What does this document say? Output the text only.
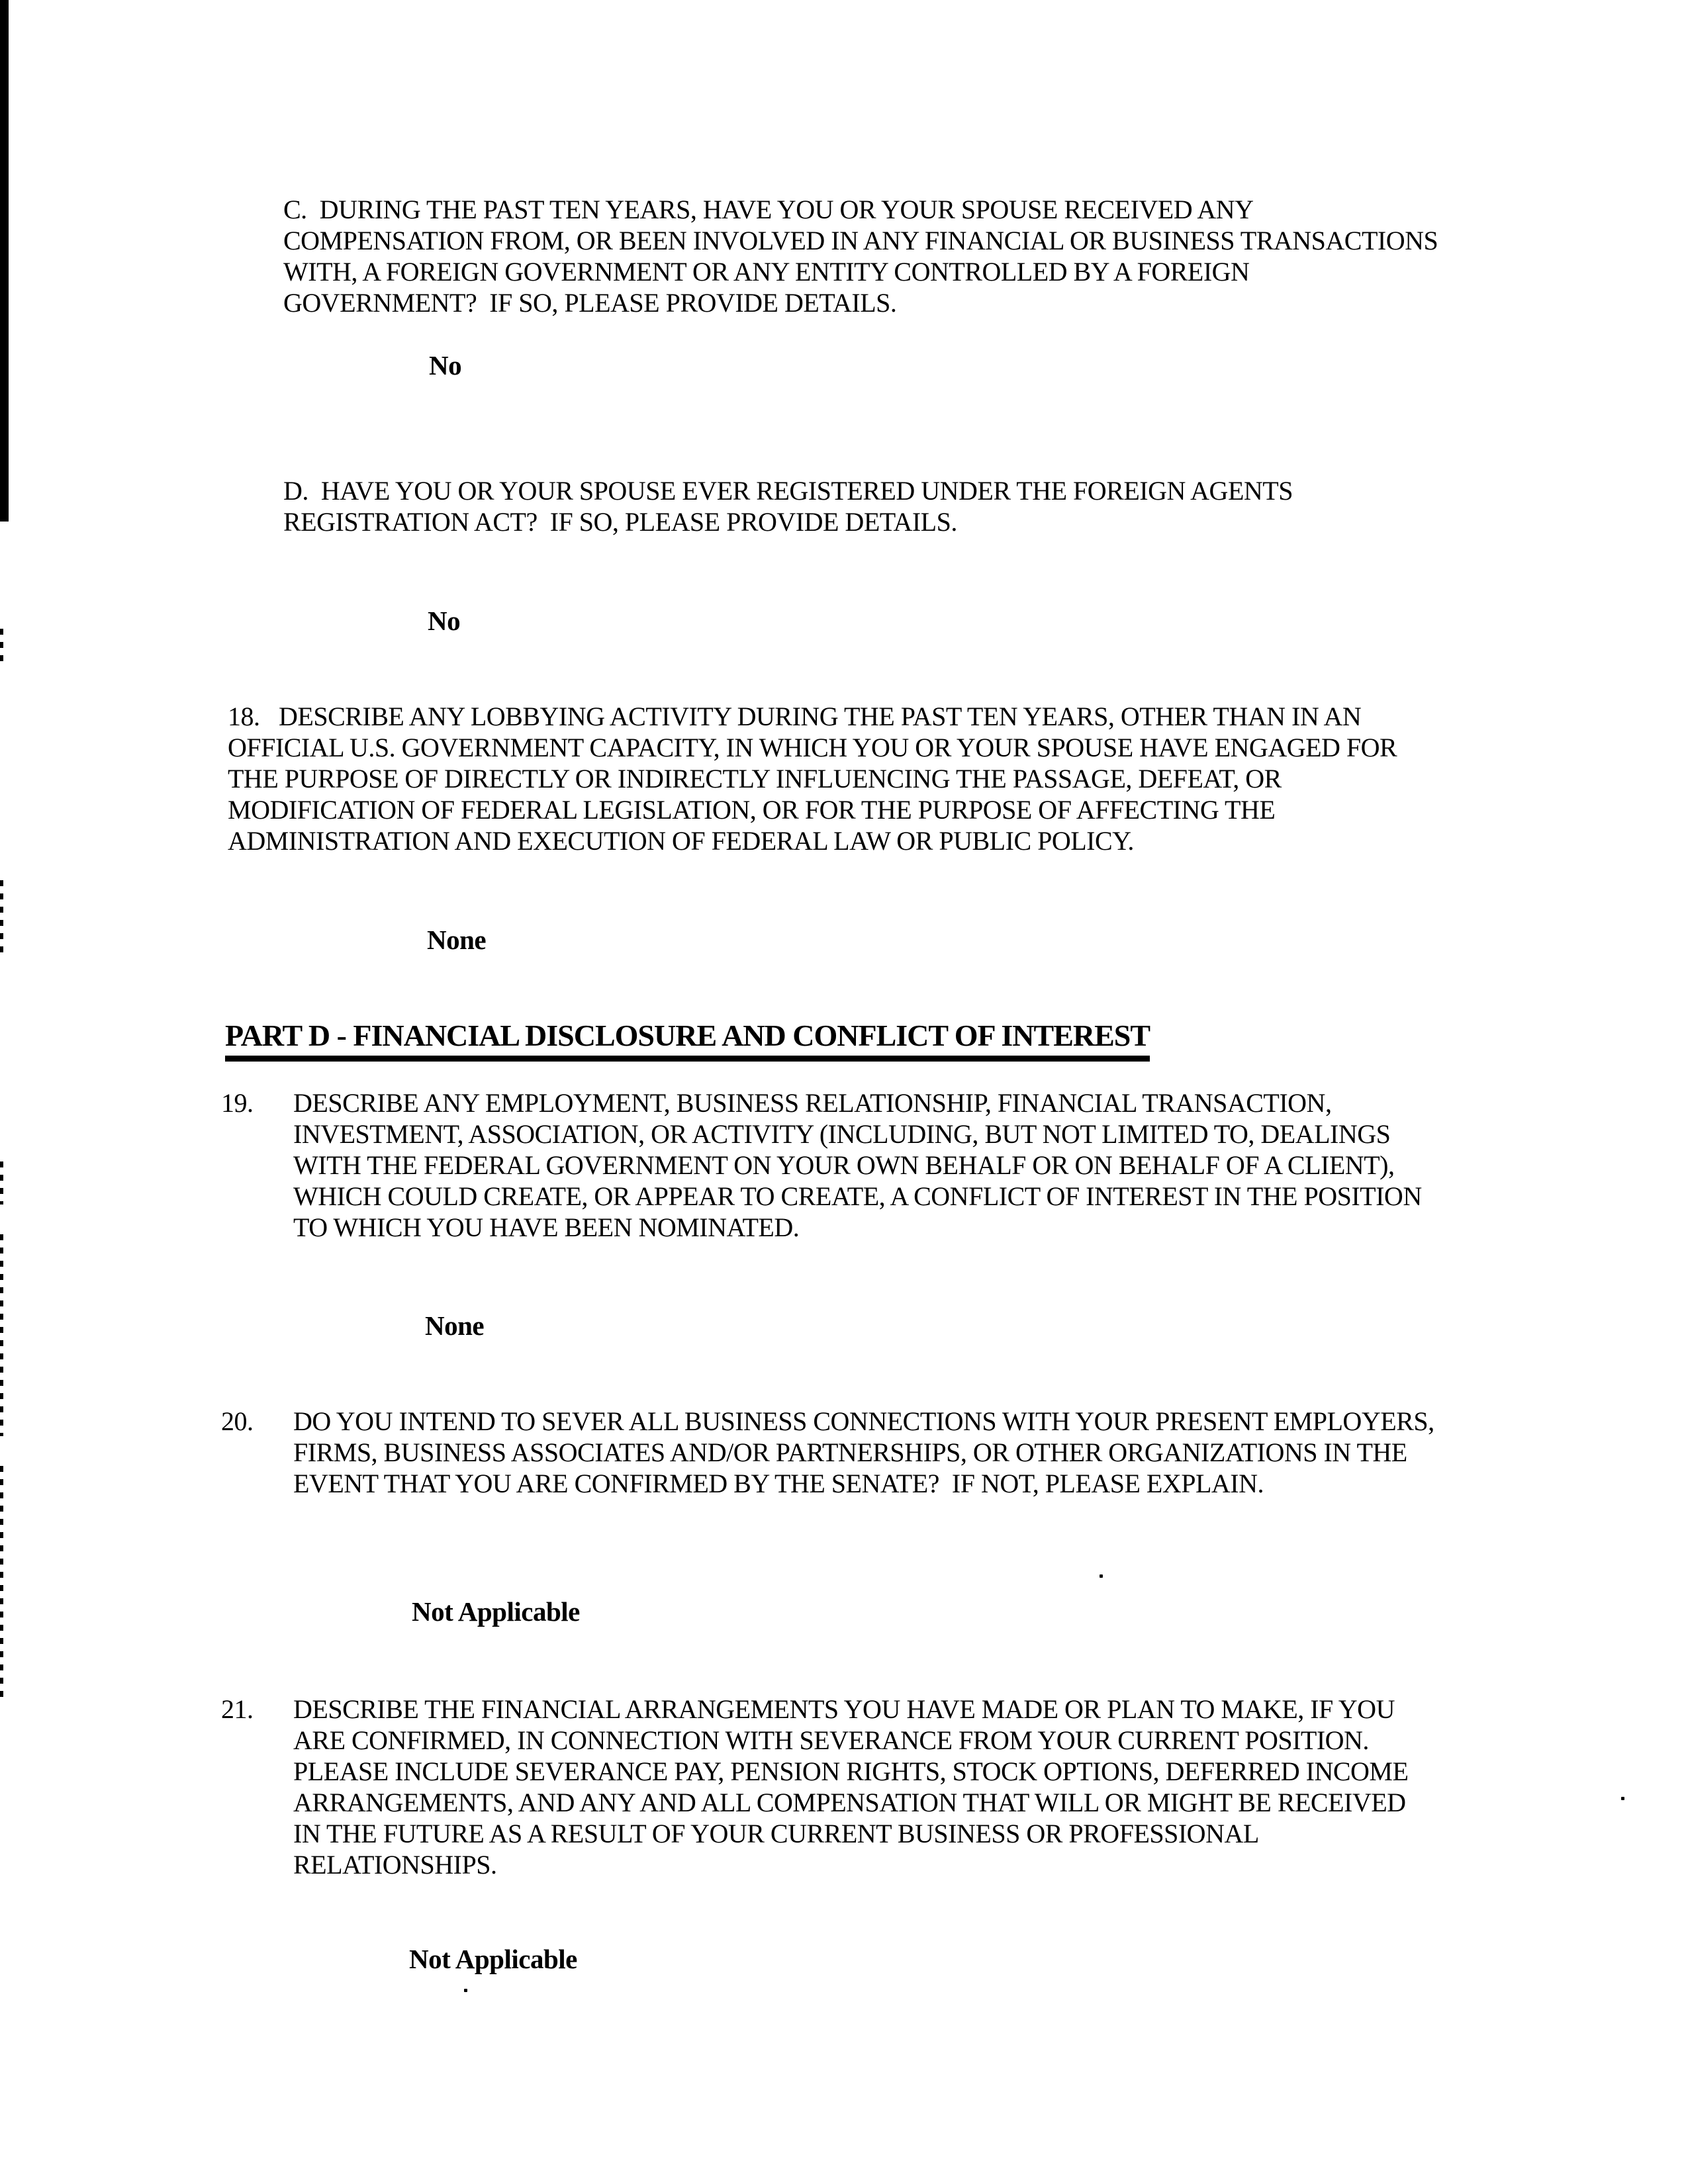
C.  DURING THE PAST TEN YEARS, HAVE YOU OR YOUR SPOUSE RECEIVED ANY
COMPENSATION FROM, OR BEEN INVOLVED IN ANY FINANCIAL OR BUSINESS TRANSACTIONS
WITH, A FOREIGN GOVERNMENT OR ANY ENTITY CONTROLLED BY A FOREIGN
GOVERNMENT?  IF SO, PLEASE PROVIDE DETAILS.
No
D.  HAVE YOU OR YOUR SPOUSE EVER REGISTERED UNDER THE FOREIGN AGENTS
REGISTRATION ACT?  IF SO, PLEASE PROVIDE DETAILS.
No
18.   DESCRIBE ANY LOBBYING ACTIVITY DURING THE PAST TEN YEARS, OTHER THAN IN AN
OFFICIAL U.S. GOVERNMENT CAPACITY, IN WHICH YOU OR YOUR SPOUSE HAVE ENGAGED FOR
THE PURPOSE OF DIRECTLY OR INDIRECTLY INFLUENCING THE PASSAGE, DEFEAT, OR
MODIFICATION OF FEDERAL LEGISLATION, OR FOR THE PURPOSE OF AFFECTING THE
ADMINISTRATION AND EXECUTION OF FEDERAL LAW OR PUBLIC POLICY.
None
PART D - FINANCIAL DISCLOSURE AND CONFLICT OF INTEREST
19.	DESCRIBE ANY EMPLOYMENT, BUSINESS RELATIONSHIP, FINANCIAL TRANSACTION,
INVESTMENT, ASSOCIATION, OR ACTIVITY (INCLUDING, BUT NOT LIMITED TO, DEALINGS
WITH THE FEDERAL GOVERNMENT ON YOUR OWN BEHALF OR ON BEHALF OF A CLIENT),
WHICH COULD CREATE, OR APPEAR TO CREATE, A CONFLICT OF INTEREST IN THE POSITION
TO WHICH YOU HAVE BEEN NOMINATED.
None
20.	DO YOU INTEND TO SEVER ALL BUSINESS CONNECTIONS WITH YOUR PRESENT EMPLOYERS,
FIRMS, BUSINESS ASSOCIATES AND/OR PARTNERSHIPS, OR OTHER ORGANIZATIONS IN THE
EVENT THAT YOU ARE CONFIRMED BY THE SENATE?  IF NOT, PLEASE EXPLAIN.
Not Applicable
21.	DESCRIBE THE FINANCIAL ARRANGEMENTS YOU HAVE MADE OR PLAN TO MAKE, IF YOU
ARE CONFIRMED, IN CONNECTION WITH SEVERANCE FROM YOUR CURRENT POSITION.
PLEASE INCLUDE SEVERANCE PAY, PENSION RIGHTS, STOCK OPTIONS, DEFERRED INCOME
ARRANGEMENTS, AND ANY AND ALL COMPENSATION THAT WILL OR MIGHT BE RECEIVED
IN THE FUTURE AS A RESULT OF YOUR CURRENT BUSINESS OR PROFESSIONAL
RELATIONSHIPS.
Not Applicable
